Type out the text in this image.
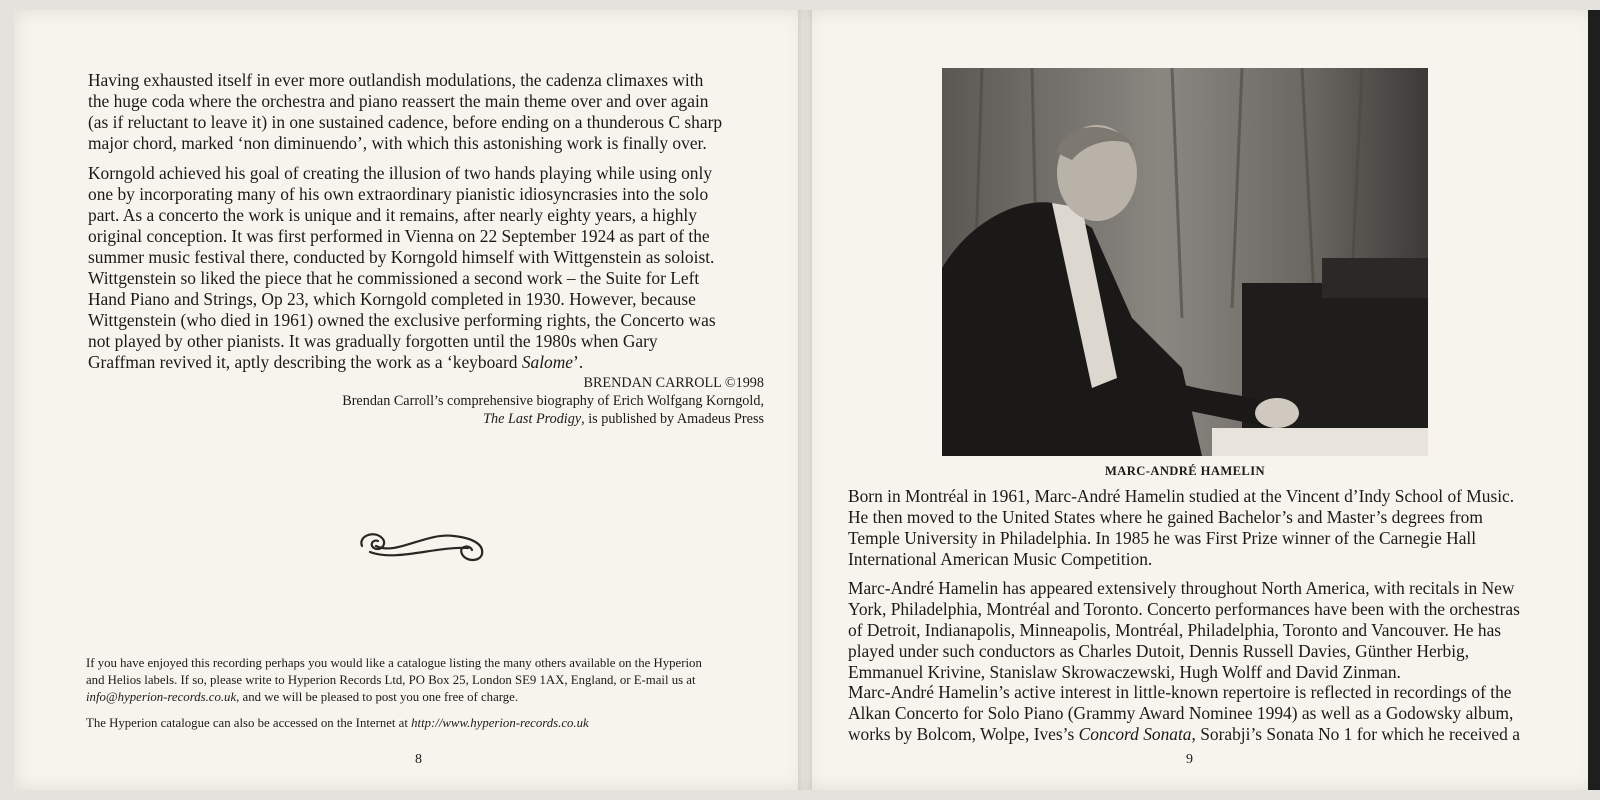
Having exhausted itself in ever more outlandish modulations, the cadenza climaxes with

the huge coda where the orchestra and piano reassert the main theme over and over again

(as if reluctant to leave it) in one sustained cadence, before ending on a thunderous C sharp

major chord, marked ‘non diminuendo’, with which this astonishing work is finally over.

Korngold achieved his goal of creating the illusion of two hands playing while using only

one by incorporating many of his own extraordinary pianistic idiosyncrasies into the solo

part. As a concerto the work is unique and it remains, after nearly eighty years, a highly

original conception. It was first performed in Vienna on 22 September 1924 as part of the

summer music festival there, conducted by Korngold himself with Wittgenstein as soloist.

Wittgenstein so liked the piece that he commissioned a second work – the Suite for Left

Hand Piano and Strings, Op 23, which Korngold completed in 1930. However, because

Wittgenstein (who died in 1961) owned the exclusive performing rights, the Concerto was

not played by other pianists. It was gradually forgotten until the 1980s when Gary

Graffman revived it, aptly describing the work as a ‘keyboard Salome’.

BRENDAN CARROLL ©1998
Brendan Carroll’s comprehensive biography of Erich Wolfgang Korngold,
The Last Prodigy, is published by Amadeus Press

If you have enjoyed this recording perhaps you would like a catalogue listing the many others available on the Hyperion

and Helios labels. If so, please write to Hyperion Records Ltd, PO Box 25, London SE9 1AX, England, or E-mail us at

info@hyperion-records.co.uk, and we will be pleased to post you one free of charge.

The Hyperion catalogue can also be accessed on the Internet at http://www.hyperion-records.co.uk

8
MARC-ANDRÉ HAMELIN

Born in Montréal in 1961, Marc-André Hamelin studied at the Vincent d’Indy School of Music.

He then moved to the United States where he gained Bachelor’s and Master’s degrees from

Temple University in Philadelphia. In 1985 he was First Prize winner of the Carnegie Hall

International American Music Competition.

Marc-André Hamelin has appeared extensively throughout North America, with recitals in New

York, Philadelphia, Montréal and Toronto. Concerto performances have been with the orchestras

of Detroit, Indianapolis, Minneapolis, Montréal, Philadelphia, Toronto and Vancouver. He has

played under such conductors as Charles Dutoit, Dennis Russell Davies, Günther Herbig,

Emmanuel Krivine, Stanislaw Skrowaczewski, Hugh Wolff and David Zinman.

Marc-André Hamelin’s active interest in little-known repertoire is reflected in recordings of the

Alkan Concerto for Solo Piano (Grammy Award Nominee 1994) as well as a Godowsky album,

works by Bolcom, Wolpe, Ives’s Concord Sonata, Sorabji’s Sonata No 1 for which he received a

9
